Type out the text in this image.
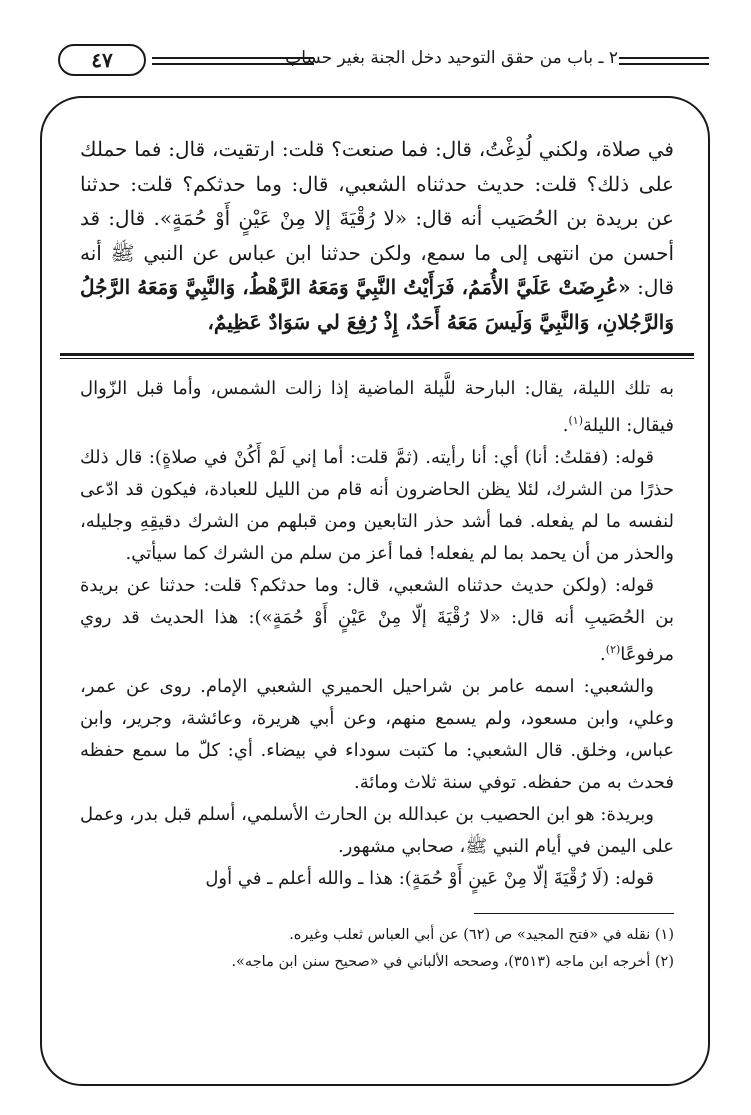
٤٧	٢ ـ باب من حقق التوحيد دخل الجنة بغير حساب

في صلاة، ولكني لُدِغْتُ، قال: فما صنعت؟ قلت: ارتقيت، قال: فما حملك على ذلك؟ قلت: حديث حدثناه الشعبي، قال: وما حدثكم؟ قلت: حدثنا عن بريدة بن الحُصَيب أنه قال: «لا رُقْيَةَ إلا مِنْ عَيْنٍ أَوْ حُمَةٍ». قال: قد أحسن من انتهى إلى ما سمع، ولكن حدثنا ابن عباس عن النبي ﷺ أنه قال: «عُرِضَتْ عَلَيَّ الأُمَمُ، فَرَأَيْتُ النَّبِيَّ وَمَعَهُ الرَّهْطُ، وَالنَّبِيَّ وَمَعَهُ الرَّجُلُ وَالرَّجُلانِ، وَالنَّبِيَّ وَلَيسَ مَعَهُ أَحَدٌ، إِذْ رُفِعَ لي سَوَادٌ عَظِيمٌ،

به تلك الليلة، يقال: البارحة للَّيلة الماضية إذا زالت الشمس، وأما قبل الزّوال فيقال: الليلة$^{(١)}$.

قوله: (فقلتُ: أنا) أي: أنا رأيته. (ثمَّ قلت: أما إني لَمْ أَكُنْ في صلاةٍ): قال ذلك حذرًا من الشرك، لئلا يظن الحاضرون أنه قام من الليل للعبادة، فيكون قد ادّعى لنفسه ما لم يفعله. فما أشد حذر التابعين ومن قبلهم من الشرك دقيقِهِ وجليله، والحذر من أن يحمد بما لم يفعله! فما أعز من سلم من الشرك كما سيأتي.

قوله: (ولكن حديث حدثناه الشعبي، قال: وما حدثكم؟ قلت: حدثنا عن بريدة بن الحُصَيبِ أنه قال: «لا رُقْيَةَ إلّا مِنْ عَيْنٍ أَوْ حُمَةٍ»): هذا الحديث قد روي مرفوعًا$^{(٢)}$.

والشعبي: اسمه عامر بن شراحيل الحميري الشعبي الإمام. روى عن عمر، وعلي، وابن مسعود، ولم يسمع منهم، وعن أبي هريرة، وعائشة، وجرير، وابن عباس، وخلق. قال الشعبي: ما كتبت سوداء في بيضاء. أي: كلّ ما سمع حفظه فحدث به من حفظه. توفي سنة ثلاث ومائة.

وبريدة: هو ابن الحصيب بن عبدالله بن الحارث الأسلمي، أسلم قبل بدر، وعمل على اليمن في أيام النبي ﷺ، صحابي مشهور.

قوله: (لَا رُقْيَةَ إلّا مِنْ عَينٍ أَوْ حُمَةٍ): هذا ـ والله أعلم ـ في أول

(١) نقله في «فتح المجيد» ص (٦٢) عن أبي العباس ثعلب وغيره.

(٢) أخرجه ابن ماجه (٣٥١٣)، وصححه الألباني في «صحيح سنن ابن ماجه».
